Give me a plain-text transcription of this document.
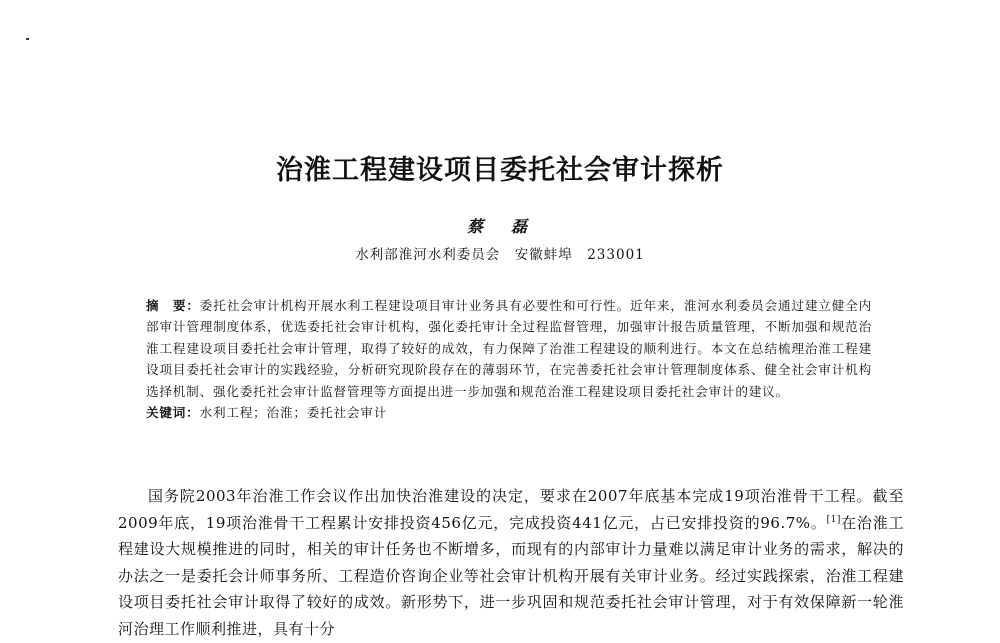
治淮工程建设项目委托社会审计探析
蔡　磊
水利部淮河水利委员会　安徽蚌埠　233001

摘　要：委托社会审计机构开展水利工程建设项目审计业务具有必要性和可行性。近年来，淮河水利委员会通过建立健全内部审计管理制度体系，优选委托社会审计机构，强化委托审计全过程监督管理，加强审计报告质量管理，不断加强和规范治淮工程建设项目委托社会审计管理，取得了较好的成效，有力保障了治淮工程建设的顺利进行。本文在总结梳理治淮工程建设项目委托社会审计的实践经验，分析研究现阶段存在的薄弱环节，在完善委托社会审计管理制度体系、健全社会审计机构选择机制、强化委托社会审计监督管理等方面提出进一步加强和规范治淮工程建设项目委托社会审计的建议。

关键词：水利工程；治淮；委托社会审计

国务院2003年治淮工作会议作出加快治淮建设的决定，要求在2007年底基本完成19项治淮骨干工程。截至2009年底，19项治淮骨干工程累计安排投资456亿元，完成投资441亿元，占已安排投资的96.7%。[1]在治淮工程建设大规模推进的同时，相关的审计任务也不断增多，而现有的内部审计力量难以满足审计业务的需求，解决的办法之一是委托会计师事务所、工程造价咨询企业等社会审计机构开展有关审计业务。经过实践探索，治淮工程建设项目委托社会审计取得了较好的成效。新形势下，进一步巩固和规范委托社会审计管理，对于有效保障新一轮淮河治理工作顺利推进，具有十分
